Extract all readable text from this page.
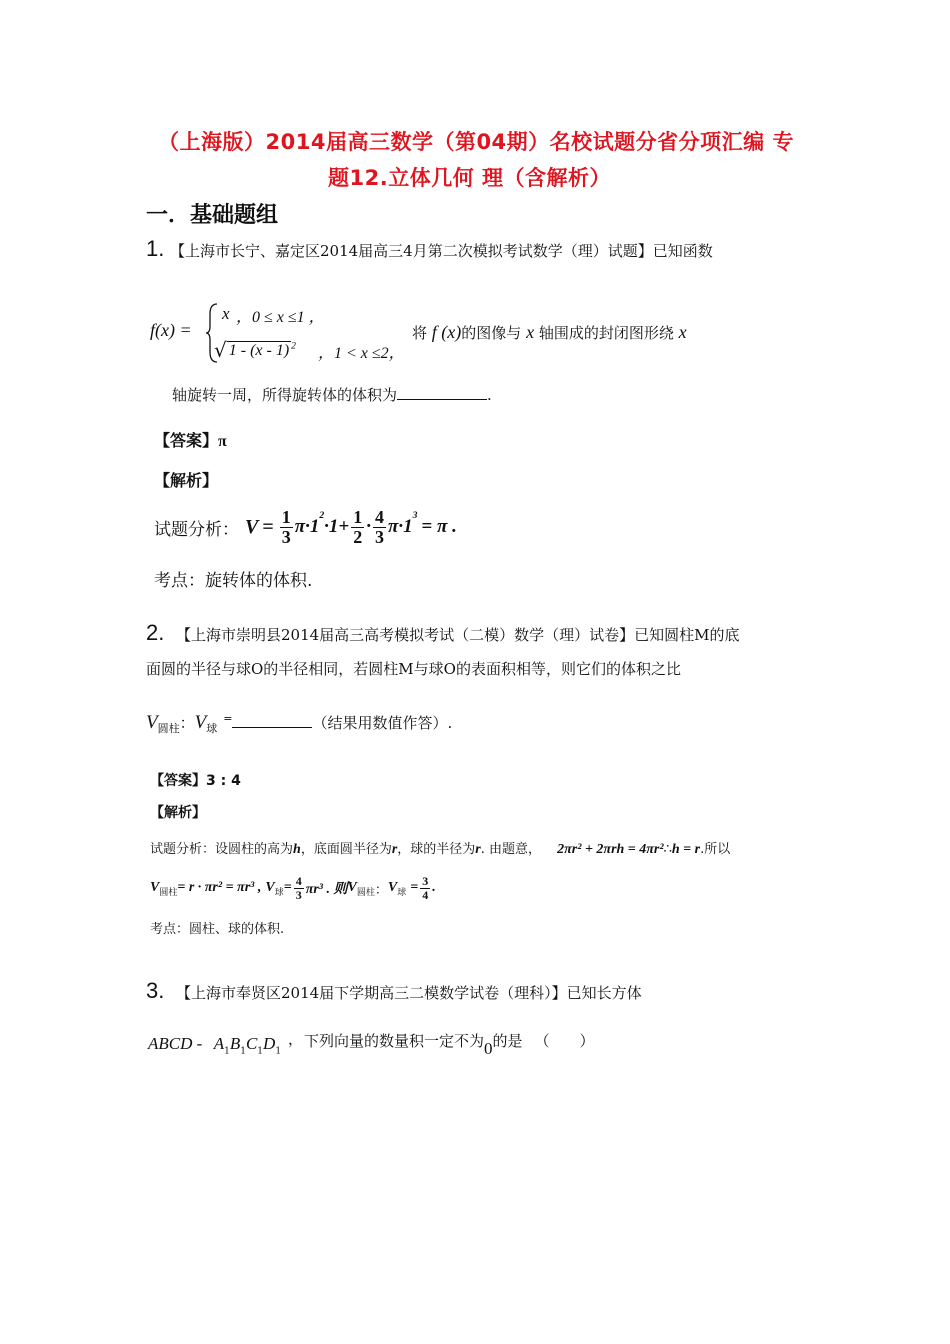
（上海版）2014届高三数学（第04期）名校试题分省分项汇编 专
题12.立体几何 理（含解析）
一．基础题组
1. 【上海市长宁、嘉定区2014届高三4月第二次模拟考试数学（理）试题】已知函数
f(x) =
x ，0 ≤ x ≤1 ，
√ 1 - (x - 1) $^2$ ，1 < x ≤2，
将 f (x)的图像与 x 轴围成的封闭图形绕 x
轴旋转一周，所得旋转体的体积为	.
【答案】π
【解析】
试题分析： $V = \frac{1}{3} \pi\cdot 1$
$^2$
$\cdot 1+ \frac{1}{2} \cdot \frac{4}{3} \pi\cdot 1$
$^3$
= π .
考点：旋转体的体积.
2. 【上海市崇明县2014届高三高考模拟考试（二模）数学（理）试卷】已知圆柱M的底
面圆的半径与球O的半径相同，若圆柱M与球O的表面积相等，则它们的体积之比
$V_{圆柱}$：$V_球^=$	（结果用数值作答）.
【答案】3 : 4
【解析】
试题分析：设圆柱的高为h，底面圆半径为r，球的半径为r. 由题意， 2πr² + 2πrh = 4πr²∴h = r.所以
$V_{圆柱} = r \cdot \pi r^2 = \pi r^3$ , $V_球 = \frac{4}{3} \pi r^3$ . 则 $V_{圆柱}$ ： $V_球 = \frac{3}{4}$ .
考点：圆柱、球的体积.
3. 【上海市奉贤区2014届下学期高三二模数学试卷（理科）】已知长方体
ABCD - $A_1B_1C_1D_1$
， 下列向量的数量积一定不为0的是 （　　）
